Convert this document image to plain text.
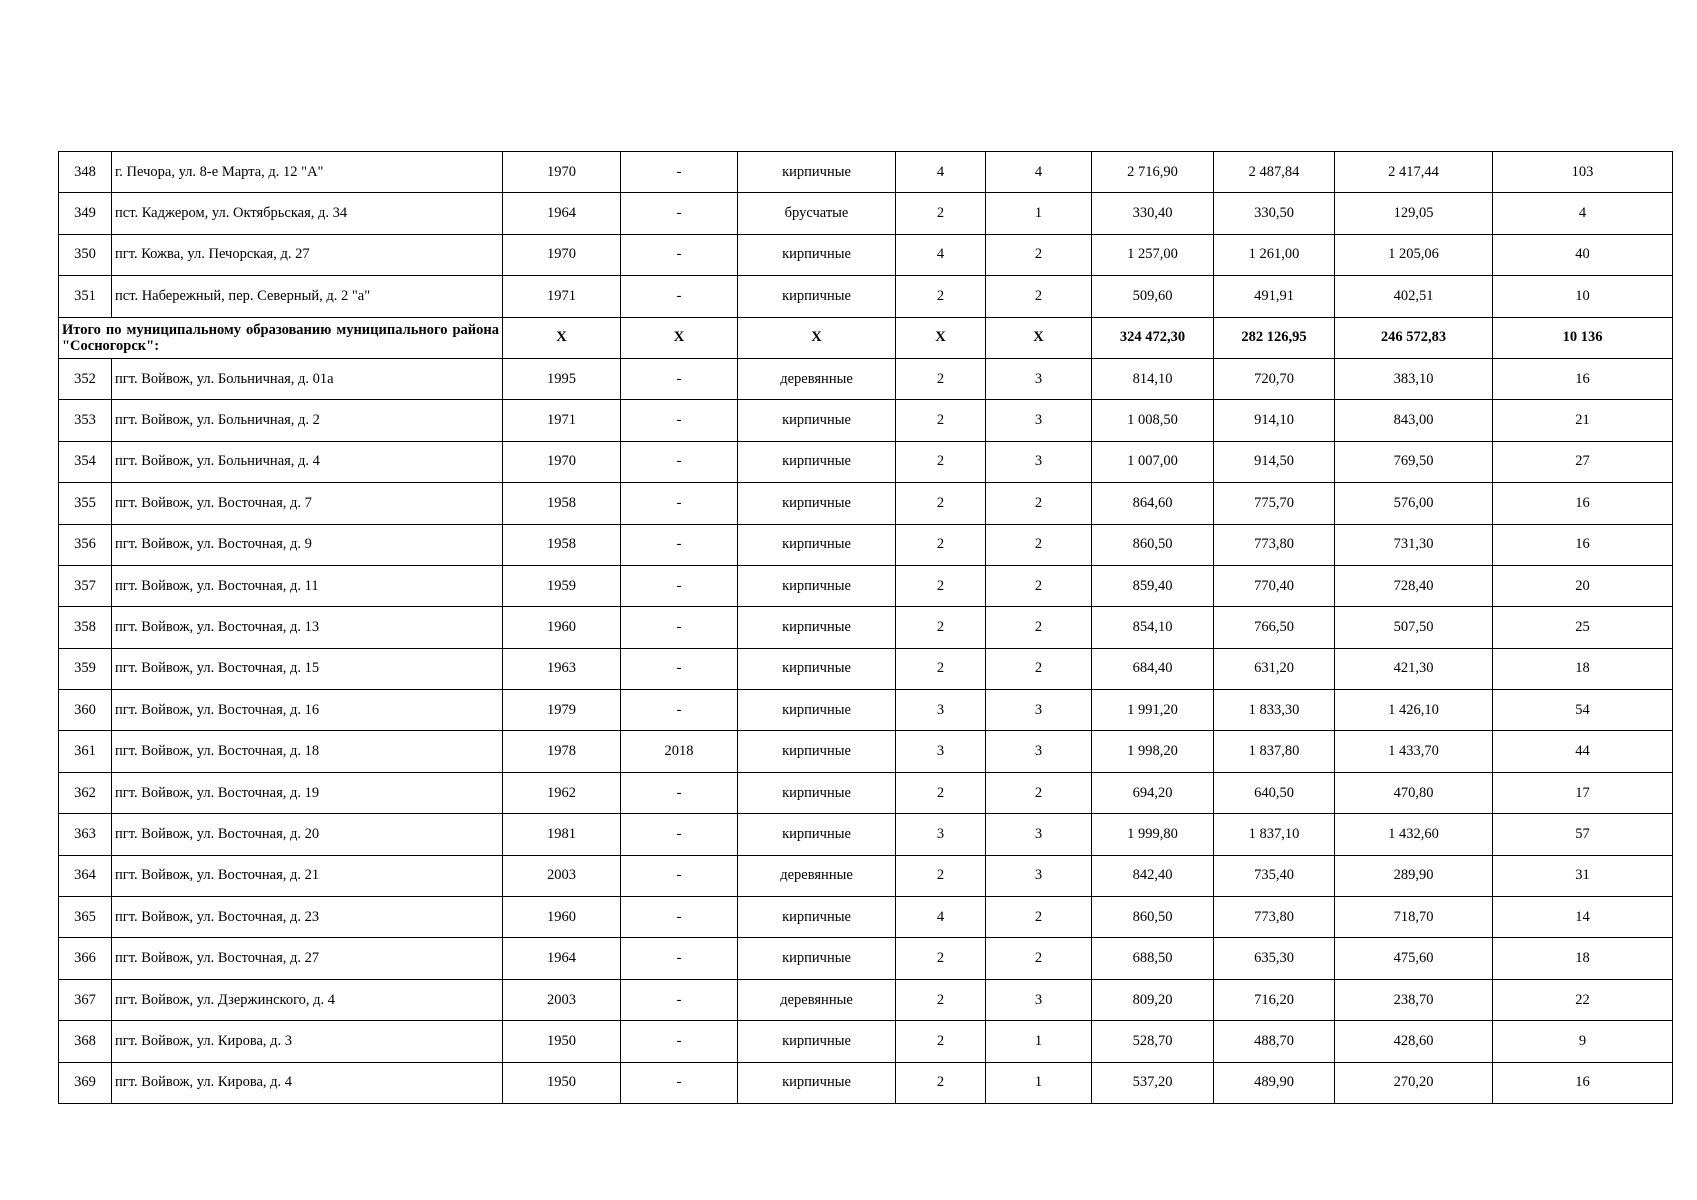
348	г. Печора, ул. 8-е Марта, д. 12 "А"	1970	-	кирпичные	4	4	2 716,90	2 487,84	2 417,44	103
349	пст. Каджером, ул. Октябрьская, д. 34	1964	-	брусчатые	2	1	330,40	330,50	129,05	4
350	пгт. Кожва, ул. Печорская, д. 27	1970	-	кирпичные	4	2	1 257,00	1 261,00	1 205,06	40
351	пст. Набережный, пер. Северный, д. 2 "а"	1971	-	кирпичные	2	2	509,60	491,91	402,51	10
Итого по муниципальному образованию муниципального района "Сосногорск":		X	X	X	X	X	324 472,30	282 126,95	246 572,83	10 136
352	пгт. Войвож, ул. Больничная, д. 01а	1995	-	деревянные	2	3	814,10	720,70	383,10	16
353	пгт. Войвож, ул. Больничная, д. 2	1971	-	кирпичные	2	3	1 008,50	914,10	843,00	21
354	пгт. Войвож, ул. Больничная, д. 4	1970	-	кирпичные	2	3	1 007,00	914,50	769,50	27
355	пгт. Войвож, ул. Восточная, д. 7	1958	-	кирпичные	2	2	864,60	775,70	576,00	16
356	пгт. Войвож, ул. Восточная, д. 9	1958	-	кирпичные	2	2	860,50	773,80	731,30	16
357	пгт. Войвож, ул. Восточная, д. 11	1959	-	кирпичные	2	2	859,40	770,40	728,40	20
358	пгт. Войвож, ул. Восточная, д. 13	1960	-	кирпичные	2	2	854,10	766,50	507,50	25
359	пгт. Войвож, ул. Восточная, д. 15	1963	-	кирпичные	2	2	684,40	631,20	421,30	18
360	пгт. Войвож, ул. Восточная, д. 16	1979	-	кирпичные	3	3	1 991,20	1 833,30	1 426,10	54
361	пгт. Войвож, ул. Восточная, д. 18	1978	2018	кирпичные	3	3	1 998,20	1 837,80	1 433,70	44
362	пгт. Войвож, ул. Восточная, д. 19	1962	-	кирпичные	2	2	694,20	640,50	470,80	17
363	пгт. Войвож, ул. Восточная, д. 20	1981	-	кирпичные	3	3	1 999,80	1 837,10	1 432,60	57
364	пгт. Войвож, ул. Восточная, д. 21	2003	-	деревянные	2	3	842,40	735,40	289,90	31
365	пгт. Войвож, ул. Восточная, д. 23	1960	-	кирпичные	4	2	860,50	773,80	718,70	14
366	пгт. Войвож, ул. Восточная, д. 27	1964	-	кирпичные	2	2	688,50	635,30	475,60	18
367	пгт. Войвож, ул. Дзержинского, д. 4	2003	-	деревянные	2	3	809,20	716,20	238,70	22
368	пгт. Войвож, ул. Кирова, д. 3	1950	-	кирпичные	2	1	528,70	488,70	428,60	9
369	пгт. Войвож, ул. Кирова, д. 4	1950	-	кирпичные	2	1	537,20	489,90	270,20	16
